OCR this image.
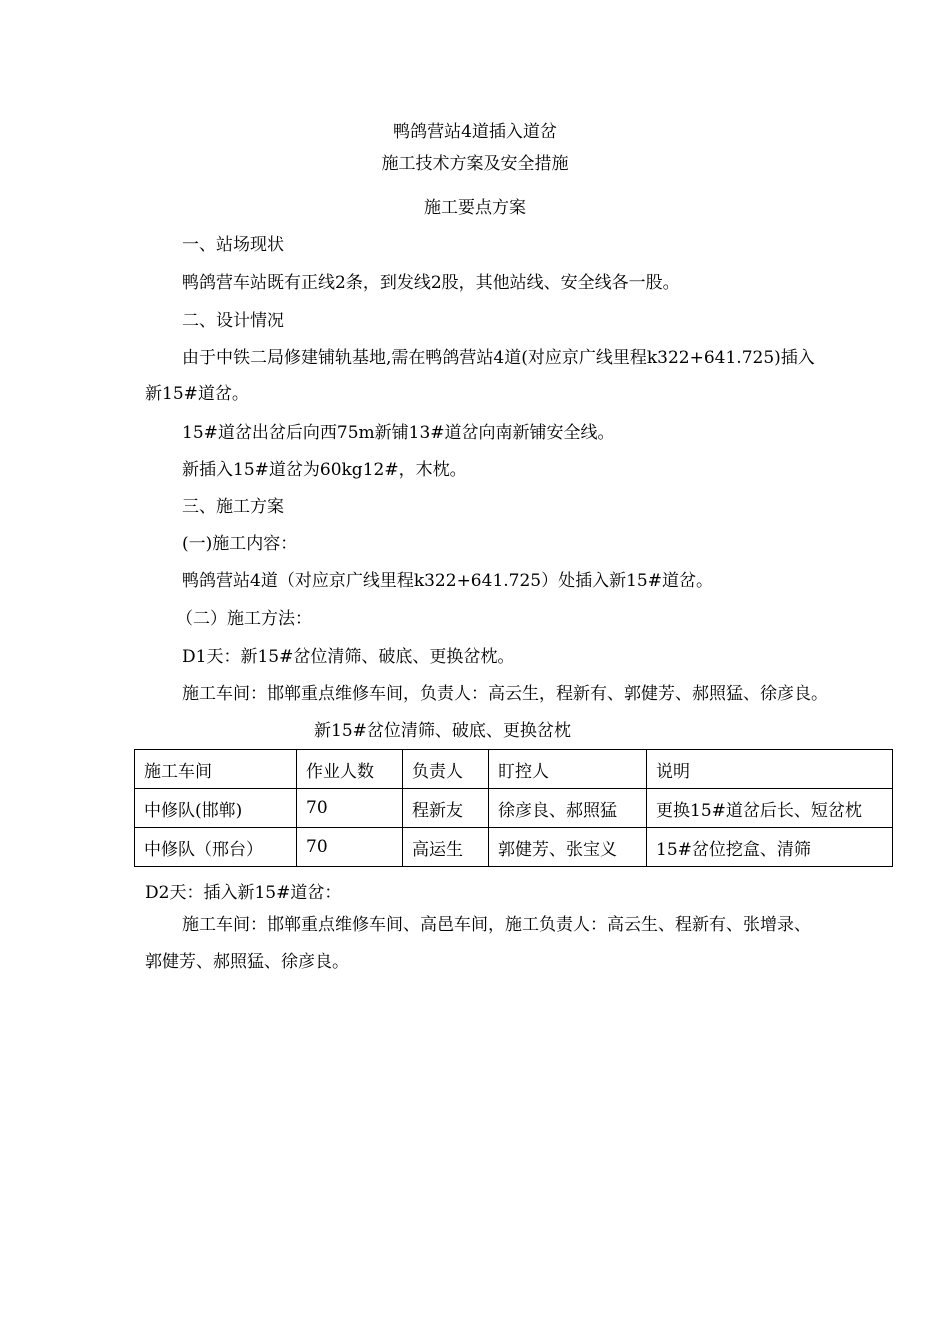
鸭鸽营站4道插入道岔
施工技术方案及安全措施
施工要点方案
一、站场现状
鸭鸽营车站既有正线2条，到发线2股，其他站线、安全线各一股。
二、设计情况
由于中铁二局修建铺轨基地,需在鸭鸽营站4道(对应京广线里程k322+641.725)插入
新15#道岔。
15#道岔出岔后向西75m新铺13#道岔向南新铺安全线。
新插入15#道岔为60kg12#，木枕。
三、施工方案
(一)施工内容：
鸭鸽营站4道（对应京广线里程k322+641.725）处插入新15#道岔。
（二）施工方法：
D1天：新15#岔位清筛、破底、更换岔枕。
施工车间：邯郸重点维修车间，负责人：高云生，程新有、郭健芳、郝照猛、徐彦良。
新15#岔位清筛、破底、更换岔枕
施工车间	作业人数	负责人	盯控人	说明
中修队(邯郸)	70	程新友	徐彦良、郝照猛	更换15#道岔后长、短岔枕
中修队（邢台）	70	高运生	郭健芳、张宝义	15#岔位挖盒、清筛
D2天：插入新15#道岔：
施工车间：邯郸重点维修车间、高邑车间，施工负责人：高云生、程新有、张增录、
郭健芳、郝照猛、徐彦良。
